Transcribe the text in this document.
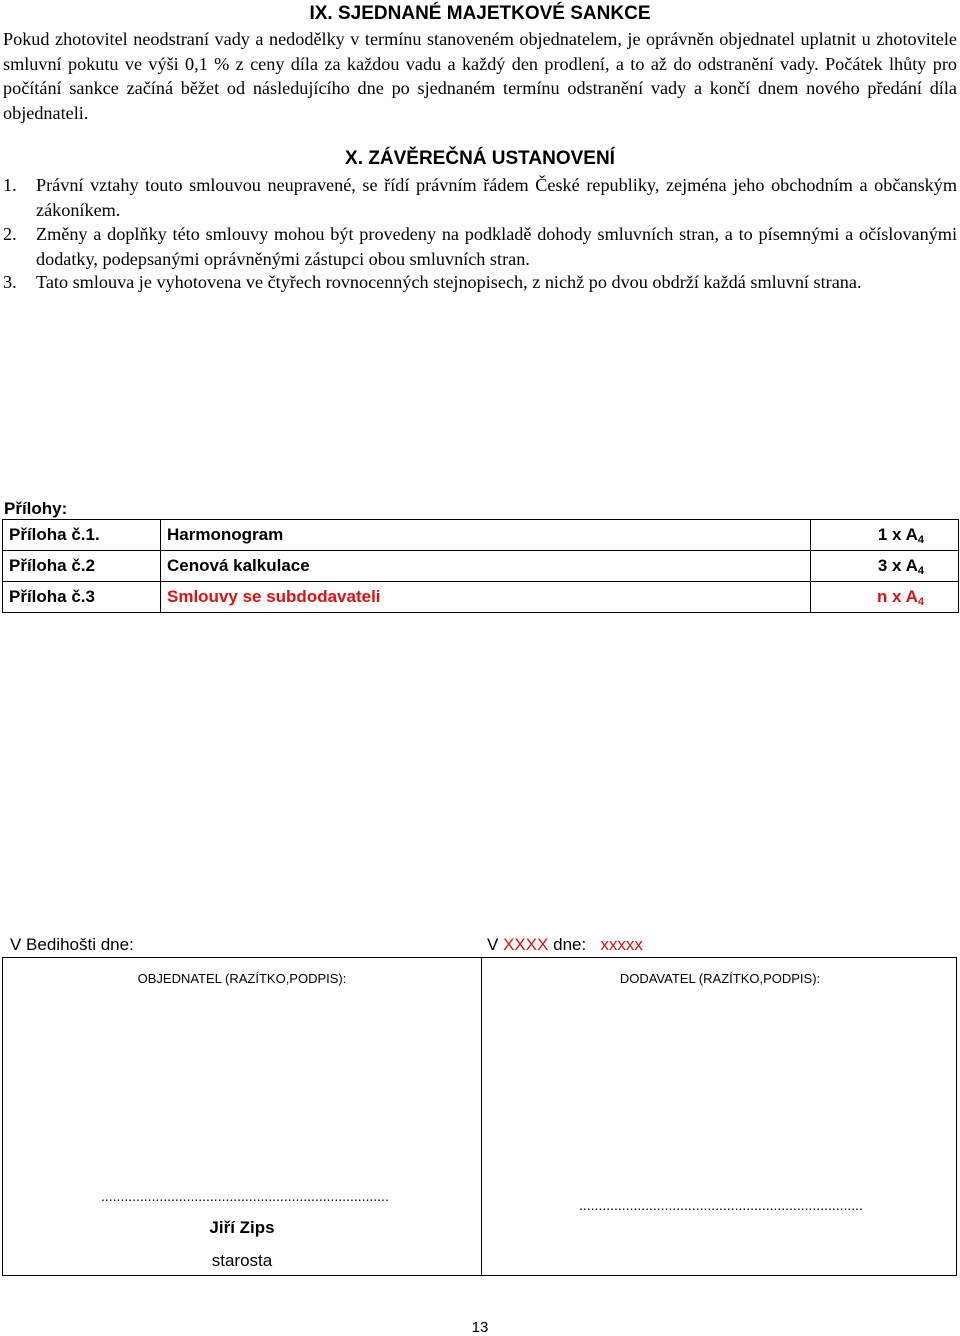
IX. SJEDNANÉ MAJETKOVÉ SANKCE
Pokud zhotovitel neodstraní vady a nedodělky v termínu stanoveném objednatelem, je oprávněn objednatel uplatnit u zhotovitele smluvní pokutu ve výši 0,1 % z ceny díla za každou vadu a každý den prodlení, a to až do odstranění vady. Počátek lhůty pro počítání sankce začíná běžet od následujícího dne po sjednaném termínu odstranění vady a končí dnem nového předání díla objednateli.
X. ZÁVĚREČNÁ USTANOVENÍ
1. Právní vztahy touto smlouvou neupravené, se řídí právním řádem České republiky, zejména jeho obchodním a občanským zákoníkem.
2. Změny a doplňky této smlouvy mohou být provedeny na podkladě dohody smluvních stran, a to písemnými a očíslovanými dodatky, podepsanými oprávněnými zástupci obou smluvních stran.
3. Tato smlouva je vyhotovena ve čtyřech rovnocenných stejnopisech, z nichž po dvou obdrží každá smluvní strana.
Přílohy:
Příloha č.1.	Harmonogram	1 x $A_4$
Příloha č.2	Cenová kalkulace	3 x $A_4$
Příloha č.3	Smlouvy se subdodavateli	n x $A_4$
V Bedihošti dne:	V XXXX dne: xxxxx
OBJEDNATEL (RAZÍTKO,PODPIS):	DODAVATEL (RAZÍTKO,PODPIS):
..........................................................................
.........................................................................
Jiří Zips
starosta
13
